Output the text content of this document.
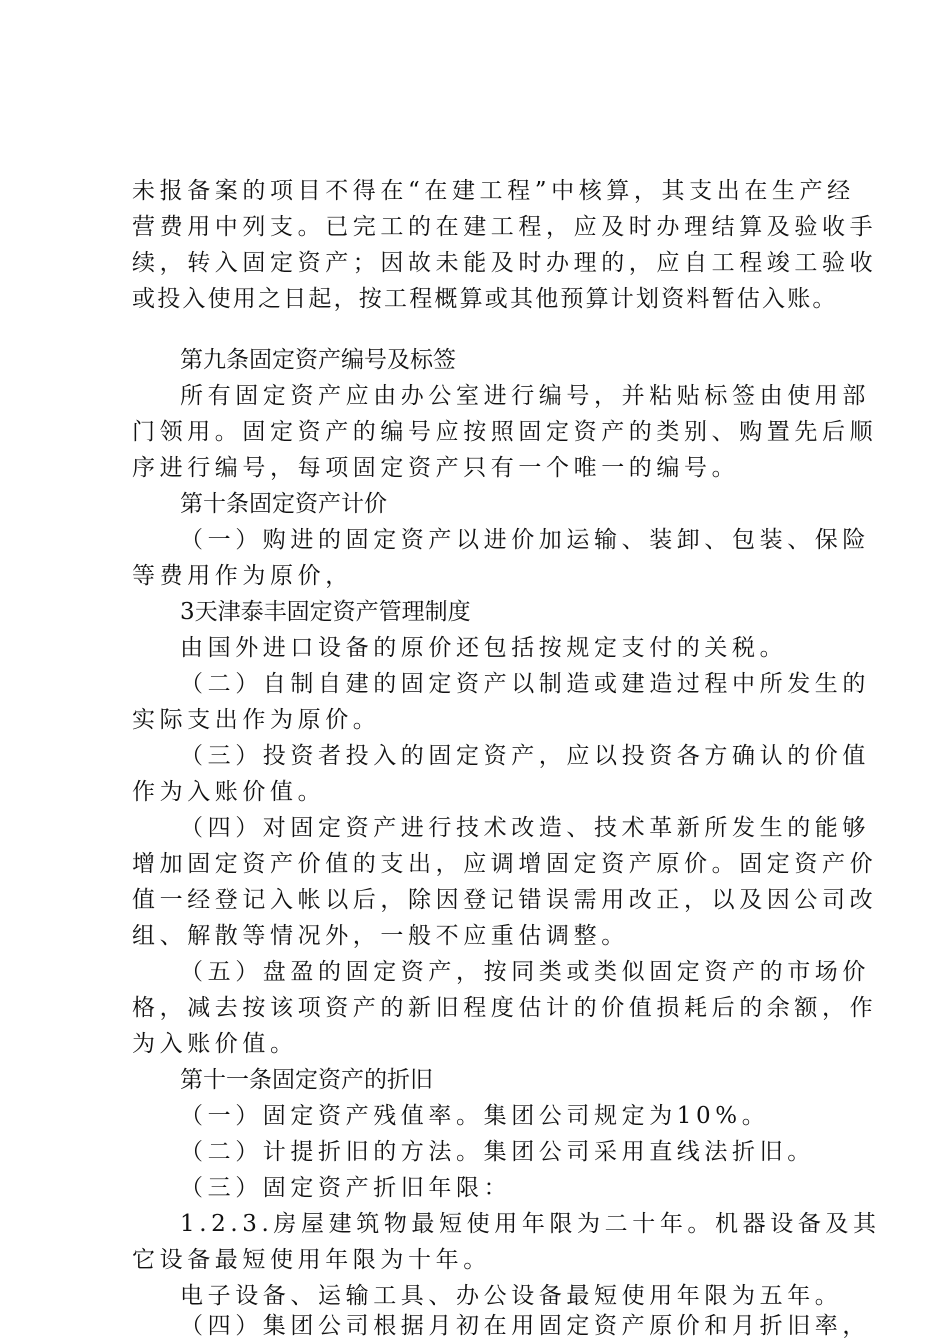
未报备案的项目不得在“在建工程”中核算，其支出在生产经
营费用中列支。已完工的在建工程，应及时办理结算及验收手
续，转入固定资产；因故未能及时办理的，应自工程竣工验收
或投入使用之日起，按工程概算或其他预算计划资料暂估入账。
第九条固定资产编号及标签
所有固定资产应由办公室进行编号，并粘贴标签由使用部
门领用。固定资产的编号应按照固定资产的类别、购置先后顺
序进行编号，每项固定资产只有一个唯一的编号。
第十条固定资产计价
（一）购进的固定资产以进价加运输、装卸、包装、保险
等费用作为原价，
3天津泰丰固定资产管理制度
由国外进口设备的原价还包括按规定支付的关税。
（二）自制自建的固定资产以制造或建造过程中所发生的
实际支出作为原价。
（三）投资者投入的固定资产，应以投资各方确认的价值
作为入账价值。
（四）对固定资产进行技术改造、技术革新所发生的能够
增加固定资产价值的支出，应调增固定资产原价。固定资产价
值一经登记入帐以后，除因登记错误需用改正，以及因公司改
组、解散等情况外，一般不应重估调整。
（五）盘盈的固定资产，按同类或类似固定资产的市场价
格，减去按该项资产的新旧程度估计的价值损耗后的余额，作
为入账价值。
第十一条固定资产的折旧
（一）固定资产残值率。集团公司规定为10%。
（二）计提折旧的方法。集团公司采用直线法折旧。
（三）固定资产折旧年限：
1.2.3.房屋建筑物最短使用年限为二十年。机器设备及其
它设备最短使用年限为十年。
电子设备、运输工具、办公设备最短使用年限为五年。
（四）集团公司根据月初在用固定资产原价和月折旧率，
